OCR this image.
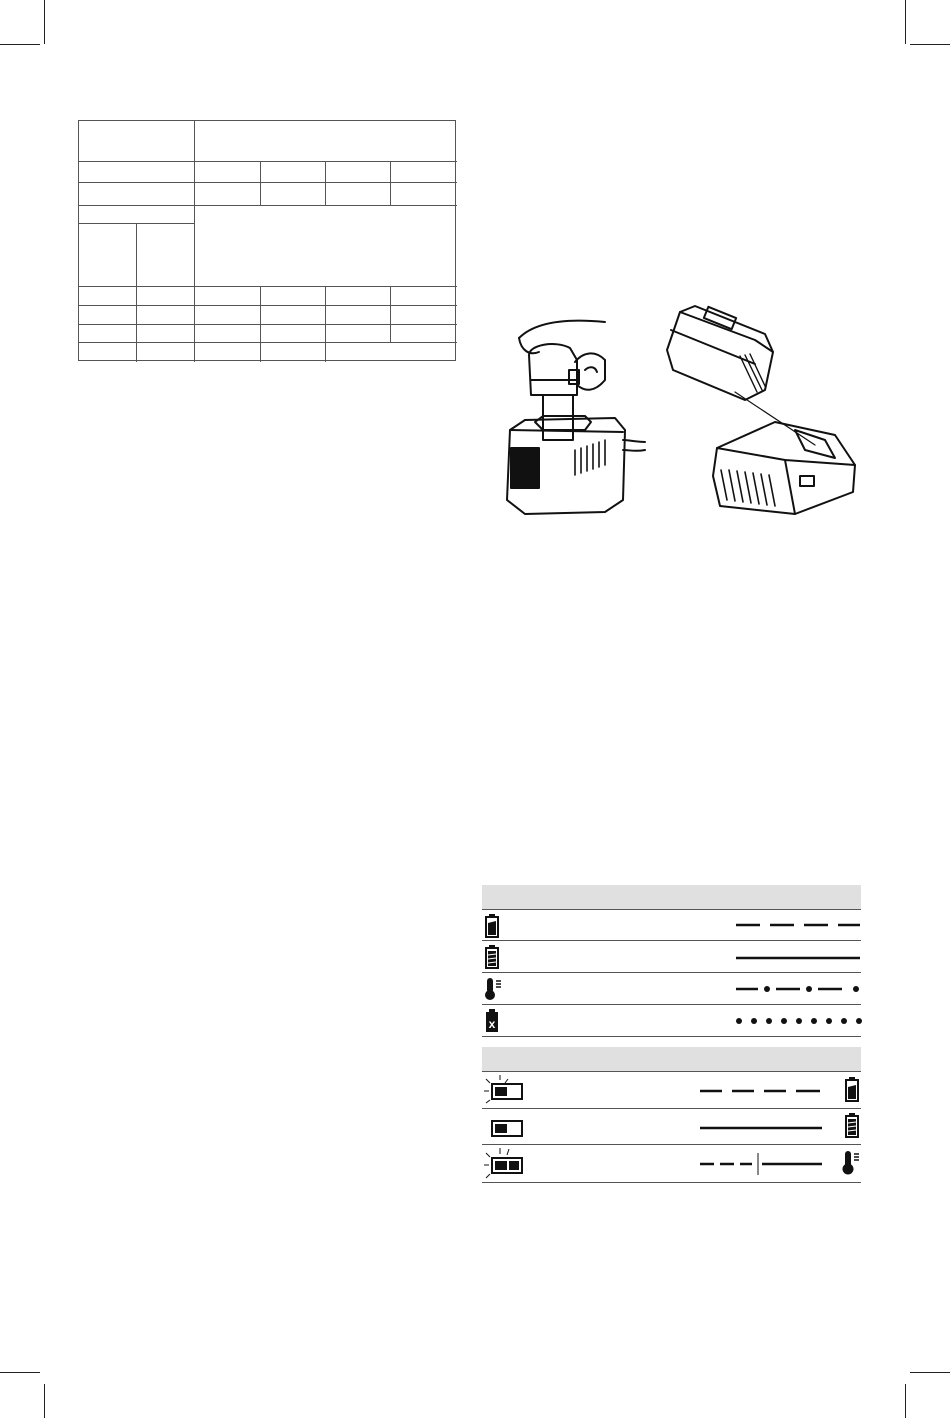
x
